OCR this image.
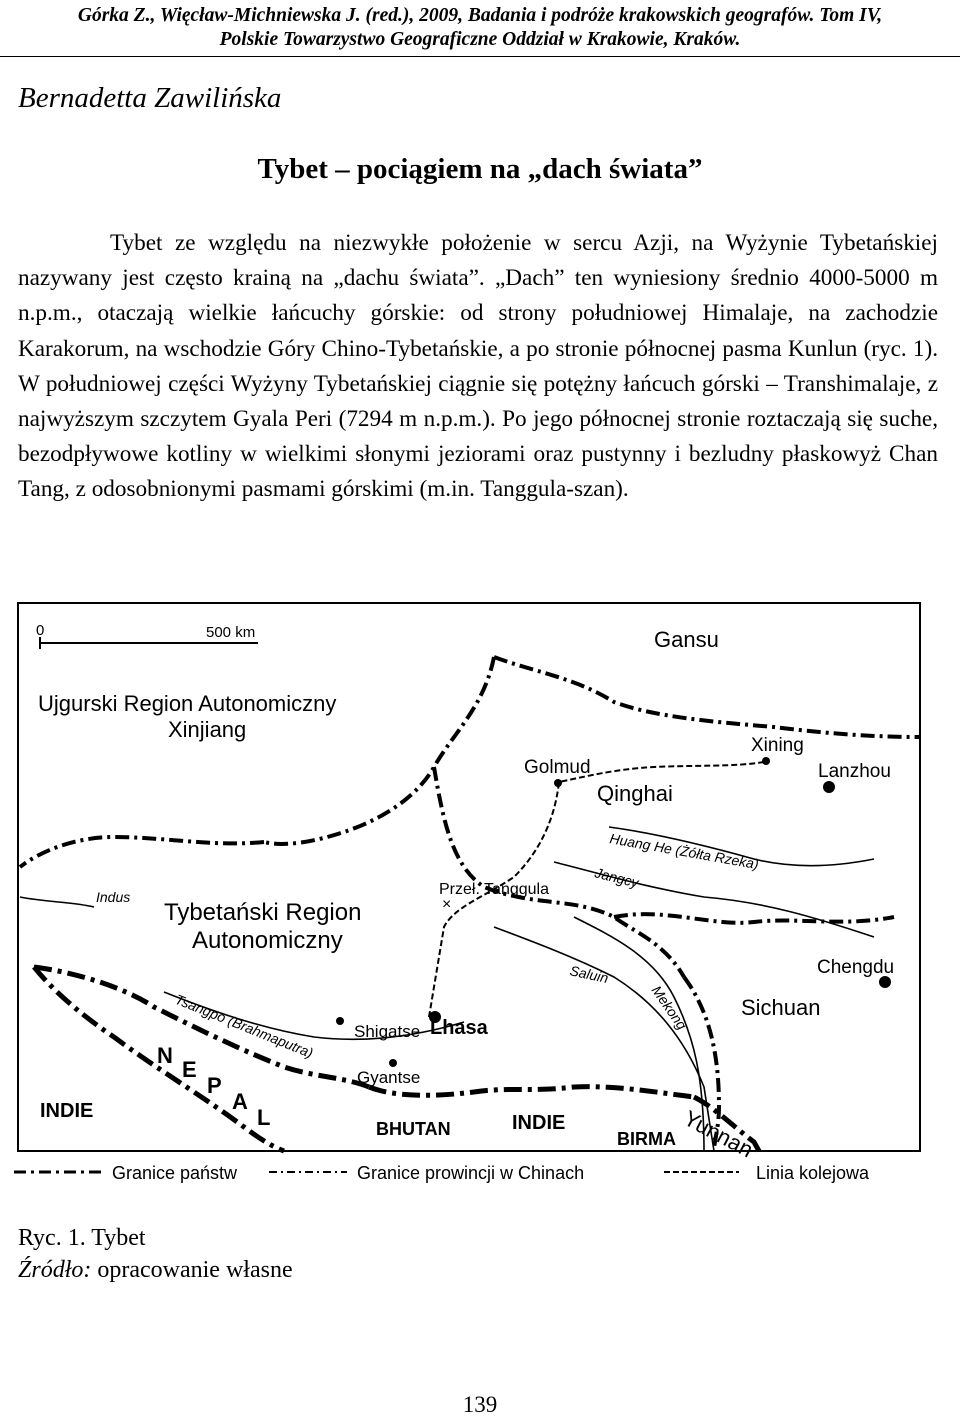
Górka Z., Więcław-Michniewska J. (red.), 2009, Badania i podróże krakowskich geografów. Tom IV,
Polskie Towarzystwo Geograficzne Oddział w Krakowie, Kraków.
Bernadetta Zawilińska
Tybet – pociągiem na „dach świata”

Tybet ze względu na niezwykłe położenie w sercu Azji, na Wyżynie Tybetańskiej nazywany jest często krainą na „dachu świata”. „Dach” ten wyniesiony średnio 4000-5000 m n.p.m., otaczają wielkie łańcuchy górskie: od strony południowej Himalaje, na zachodzie Karakorum, na wschodzie Góry Chino-Tybetańskie, a po stronie północnej pasma Kunlun (ryc. 1). W południowej części Wyżyny Tybetańskiej ciągnie się potężny łańcuch górski – Transhimalaje, z najwyższym szczytem Gyala Peri (7294 m n.p.m.). Po jego północnej stronie roztaczają się suche, bezodpływowe kotliny w wielkimi słonymi jeziorami oraz pustynny i bezludny płaskowyż Chan Tang, z odosobnionymi pasmami górskimi (m.in. Tanggula-szan).

0	500 km	Gansu
Ujgurski Region Autonomiczny
Xinjiang
Qinghai
Tybetański Region
Autonomiczny
Sichuan
Yunnan
N
E
P
A
L
INDIE
INDIE
BHUTAN	BIRMA
Golmud
Xining
Lanzhou
Chengdu
Lhasa
Shigatse
Gyantse
Przeł. Tanggula
×
Indus
Huang He (Żółta Rzeka)
Jangcy
Saluin
Mekong
Tsangpo (Brahmaputra)
Granice państw	Granice prowincji w Chinach	Linia kolejowa
Ryc. 1. Tybet
Źródło: opracowanie własne
139
